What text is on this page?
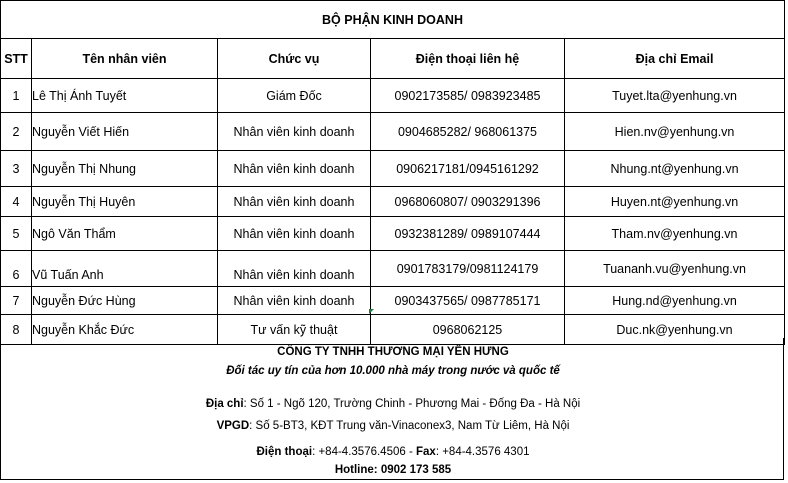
BỘ PHẬN KINH DOANH				
STT	Tên nhân viên	Chức vụ	Điện thoại liên hệ	Địa chỉ Email
1	Lê Thị Ánh Tuyết	Giám Đốc	0902173585/ 0983923485	Tuyet.lta@yenhung.vn
2	Nguyễn Viết Hiến	Nhân viên kinh doanh	0904685282/ 968061375	Hien.nv@yenhung.vn
3	Nguyễn Thị Nhung	Nhân viên kinh doanh	0906217181/0945161292	Nhung.nt@yenhung.vn
4	Nguyễn Thị Huyên	Nhân viên kinh doanh	0968060807/ 0903291396	Huyen.nt@yenhung.vn
5	Ngô Văn Thẩm	Nhân viên kinh doanh	0932381289/ 0989107444	Tham.nv@yenhung.vn
6	Vũ Tuấn Anh	Nhân viên kinh doanh	0901783179/0981124179	Tuananh.vu@yenhung.vn
7	Nguyễn Đức Hùng	Nhân viên kinh doanh	0903437565/ 0987785171	Hung.nd@yenhung.vn
8	Nguyễn Khắc Đức	Tư vấn kỹ thuật	0968062125	Duc.nk@yenhung.vn
CÔNG TY TNHH THƯƠNG MẠI YÊN HƯNG
Đối tác uy tín của hơn 10.000 nhà máy trong nước và quốc tế
Địa chỉ: Số 1 - Ngõ 120, Trường Chinh - Phương Mai - Đống Đa - Hà Nội
VPGD: Số 5-BT3, KĐT Trung văn-Vinaconex3, Nam Từ Liêm, Hà Nội
Điện thoại: +84-4.3576.4506 - Fax: +84-4.3576 4301
Hotline: 0902 173 585
